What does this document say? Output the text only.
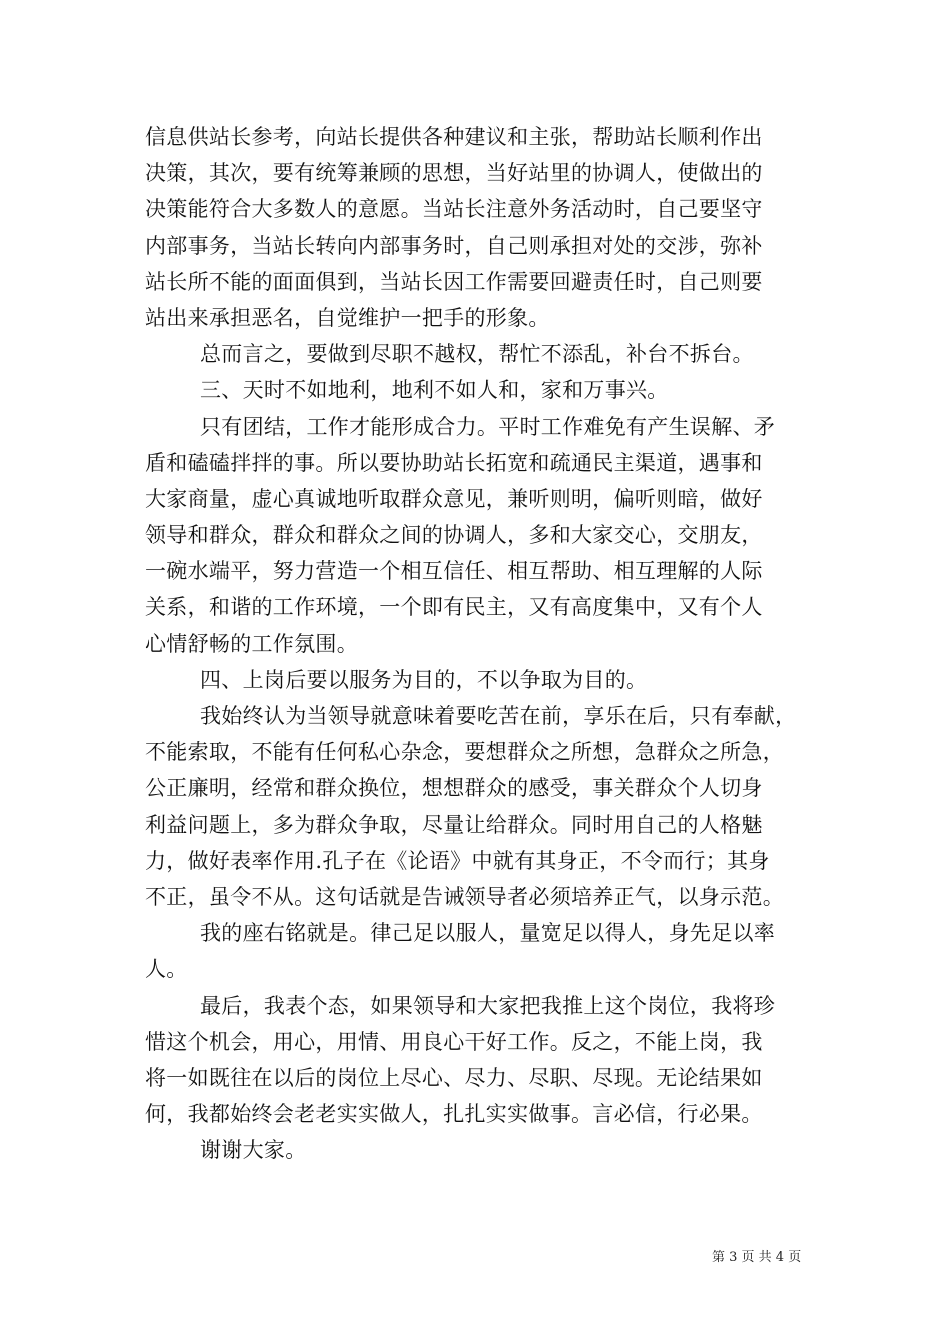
信息供站长参考，向站长提供各种建议和主张，帮助站长顺利作出
决策，其次，要有统筹兼顾的思想，当好站里的协调人，使做出的
决策能符合大多数人的意愿。当站长注意外务活动时，自己要坚守
内部事务，当站长转向内部事务时，自己则承担对处的交涉，弥补
站长所不能的面面俱到，当站长因工作需要回避责任时，自己则要
站出来承担恶名，自觉维护一把手的形象。
总而言之，要做到尽职不越权，帮忙不添乱，补台不拆台。
三、天时不如地利，地利不如人和，家和万事兴。
只有团结，工作才能形成合力。平时工作难免有产生误解、矛
盾和磕磕拌拌的事。所以要协助站长拓宽和疏通民主渠道，遇事和
大家商量，虚心真诚地听取群众意见，兼听则明，偏听则暗，做好
领导和群众，群众和群众之间的协调人，多和大家交心，交朋友，
一碗水端平，努力营造一个相互信任、相互帮助、相互理解的人际
关系，和谐的工作环境，一个即有民主，又有高度集中，又有个人
心情舒畅的工作氛围。
四、上岗后要以服务为目的，不以争取为目的。
我始终认为当领导就意味着要吃苦在前，享乐在后，只有奉献，
不能索取，不能有任何私心杂念，要想群众之所想，急群众之所急，
公正廉明，经常和群众换位，想想群众的感受，事关群众个人切身
利益问题上，多为群众争取，尽量让给群众。同时用自己的人格魅
力，做好表率作用.孔子在《论语》中就有其身正，不令而行；其身
不正，虽令不从。这句话就是告诫领导者必须培养正气，以身示范。
我的座右铭就是。律己足以服人，量宽足以得人，身先足以率
人。
最后，我表个态，如果领导和大家把我推上这个岗位，我将珍
惜这个机会，用心，用情、用良心干好工作。反之，不能上岗，我
将一如既往在以后的岗位上尽心、尽力、尽职、尽现。无论结果如
何，我都始终会老老实实做人，扎扎实实做事。言必信，行必果。
谢谢大家。
第 3 页 共 4 页
